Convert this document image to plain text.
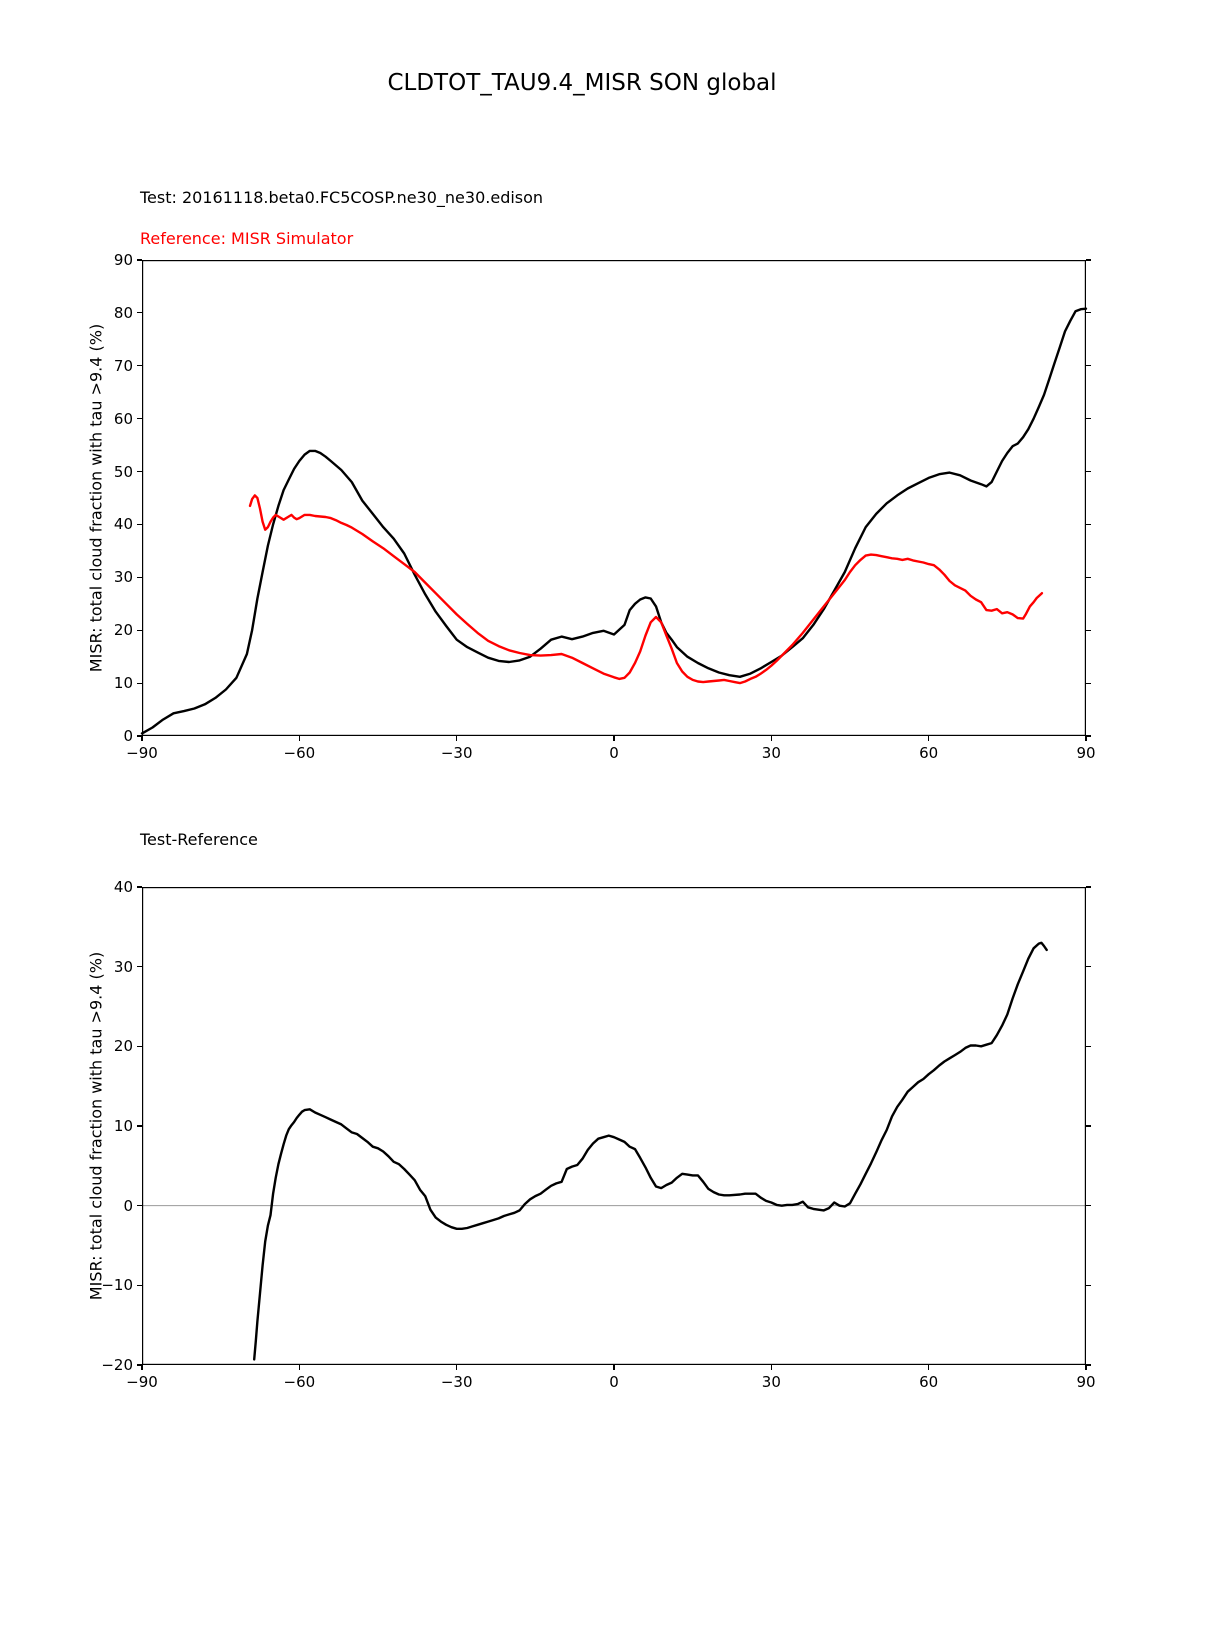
CLDTOT_TAU9.4_MISR SON global
Test: 20161118.beta0.FC5COSP.ne30_ne30.edison
Reference: MISR Simulator
MISR: total cloud fraction with tau >9.4 (%)
0
10
20
30
40
50
60
70
80
90
−90	−60	−30	0	30	60	90
Test-Reference
MISR: total cloud fraction with tau >9.4 (%)
−20
−10
0
10
20
30
40
−90	−60	−30	0	30	60	90
